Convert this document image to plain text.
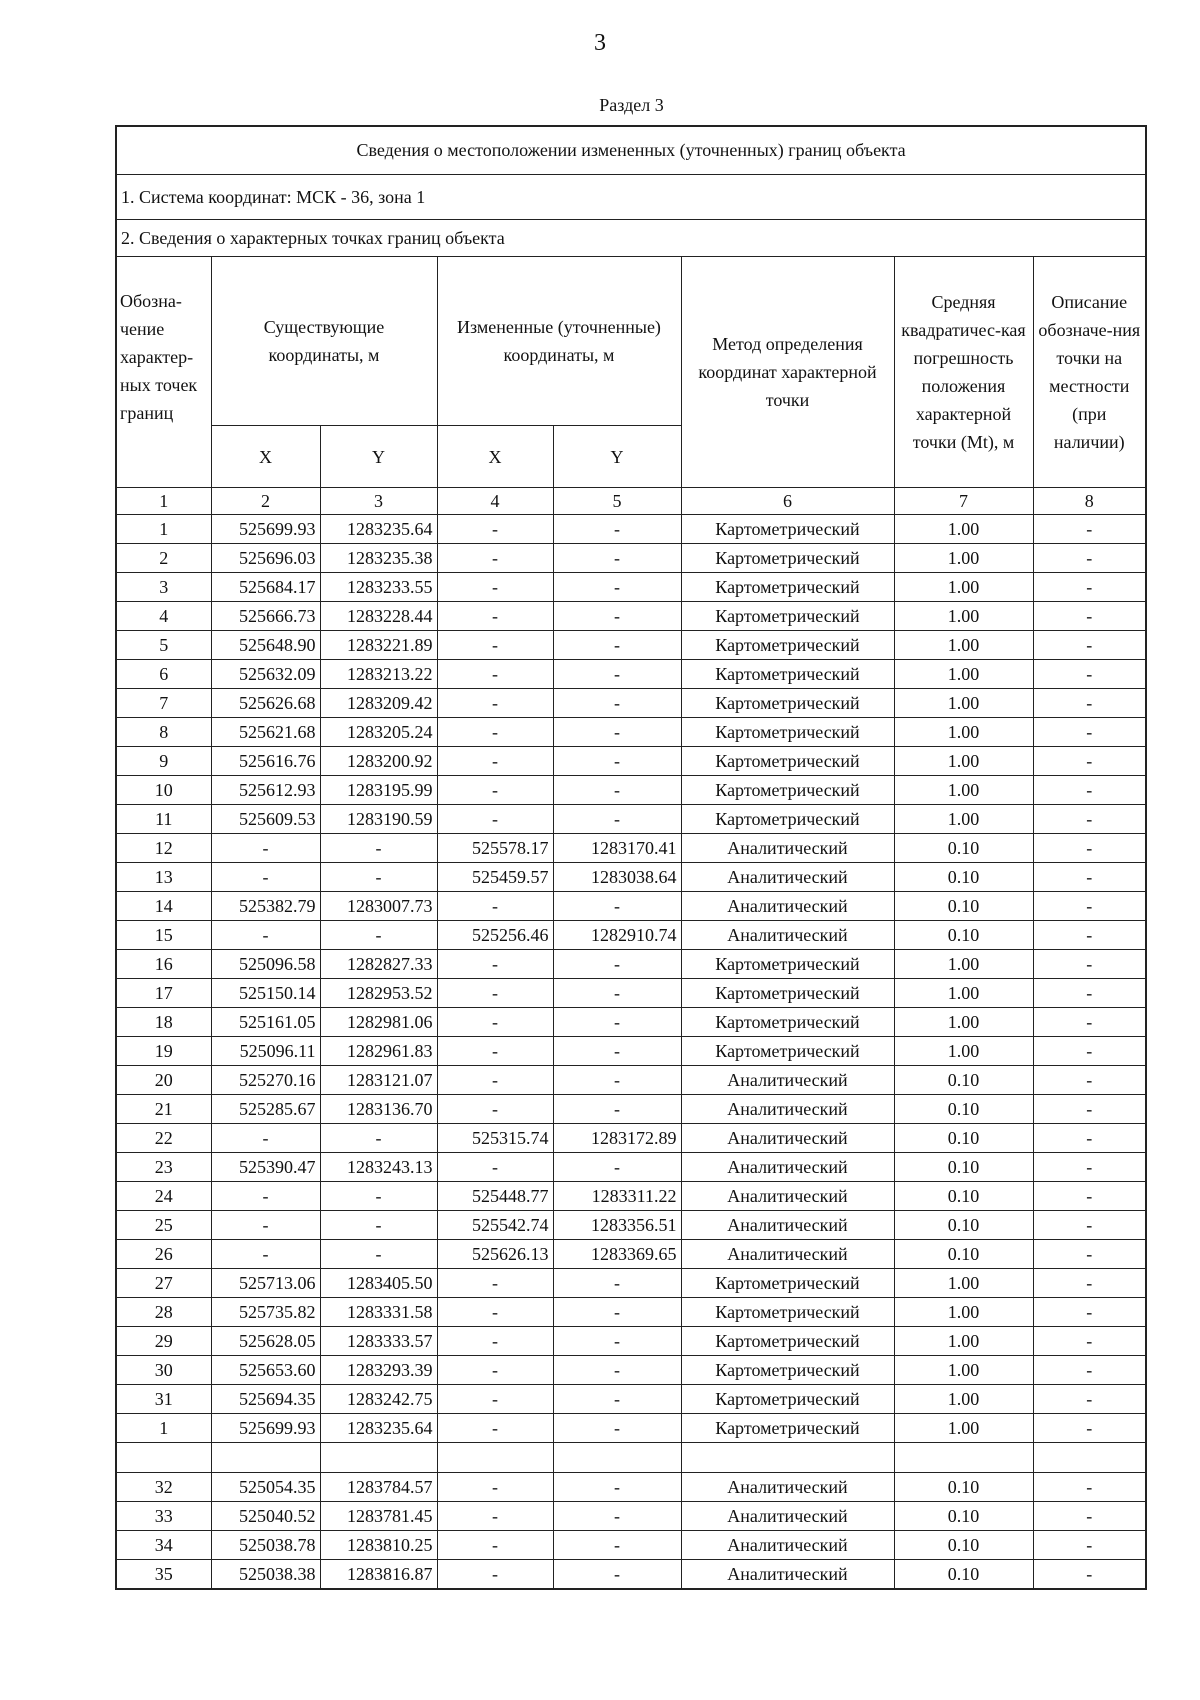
3
Раздел 3
Сведения о местоположении измененных (уточненных) границ объекта							
1. Система координат: МСК - 36, зона 1							
2. Сведения о характерных точках границ объекта							
Обозна-чение характер-ных точек границ	Существующие координаты, м		Измененные (уточненные) координаты, м		Метод определения координат характерной точки	Средняя квадратичес-кая погрешность положения характерной точки (Mt), м	Описание обозначе-ния точки на местности (при наличии)
	X	Y	X	Y			
1	2	3	4	5	6	7	8
1	525699.93	1283235.64	-	-	Картометрический	1.00	-
2	525696.03	1283235.38	-	-	Картометрический	1.00	-
3	525684.17	1283233.55	-	-	Картометрический	1.00	-
4	525666.73	1283228.44	-	-	Картометрический	1.00	-
5	525648.90	1283221.89	-	-	Картометрический	1.00	-
6	525632.09	1283213.22	-	-	Картометрический	1.00	-
7	525626.68	1283209.42	-	-	Картометрический	1.00	-
8	525621.68	1283205.24	-	-	Картометрический	1.00	-
9	525616.76	1283200.92	-	-	Картометрический	1.00	-
10	525612.93	1283195.99	-	-	Картометрический	1.00	-
11	525609.53	1283190.59	-	-	Картометрический	1.00	-
12	-	-	525578.17	1283170.41	Аналитический	0.10	-
13	-	-	525459.57	1283038.64	Аналитический	0.10	-
14	525382.79	1283007.73	-	-	Аналитический	0.10	-
15	-	-	525256.46	1282910.74	Аналитический	0.10	-
16	525096.58	1282827.33	-	-	Картометрический	1.00	-
17	525150.14	1282953.52	-	-	Картометрический	1.00	-
18	525161.05	1282981.06	-	-	Картометрический	1.00	-
19	525096.11	1282961.83	-	-	Картометрический	1.00	-
20	525270.16	1283121.07	-	-	Аналитический	0.10	-
21	525285.67	1283136.70	-	-	Аналитический	0.10	-
22	-	-	525315.74	1283172.89	Аналитический	0.10	-
23	525390.47	1283243.13	-	-	Аналитический	0.10	-
24	-	-	525448.77	1283311.22	Аналитический	0.10	-
25	-	-	525542.74	1283356.51	Аналитический	0.10	-
26	-	-	525626.13	1283369.65	Аналитический	0.10	-
27	525713.06	1283405.50	-	-	Картометрический	1.00	-
28	525735.82	1283331.58	-	-	Картометрический	1.00	-
29	525628.05	1283333.57	-	-	Картометрический	1.00	-
30	525653.60	1283293.39	-	-	Картометрический	1.00	-
31	525694.35	1283242.75	-	-	Картометрический	1.00	-
1	525699.93	1283235.64	-	-	Картометрический	1.00	-

32	525054.35	1283784.57	-	-	Аналитический	0.10	-
33	525040.52	1283781.45	-	-	Аналитический	0.10	-
34	525038.78	1283810.25	-	-	Аналитический	0.10	-
35	525038.38	1283816.87	-	-	Аналитический	0.10	-
